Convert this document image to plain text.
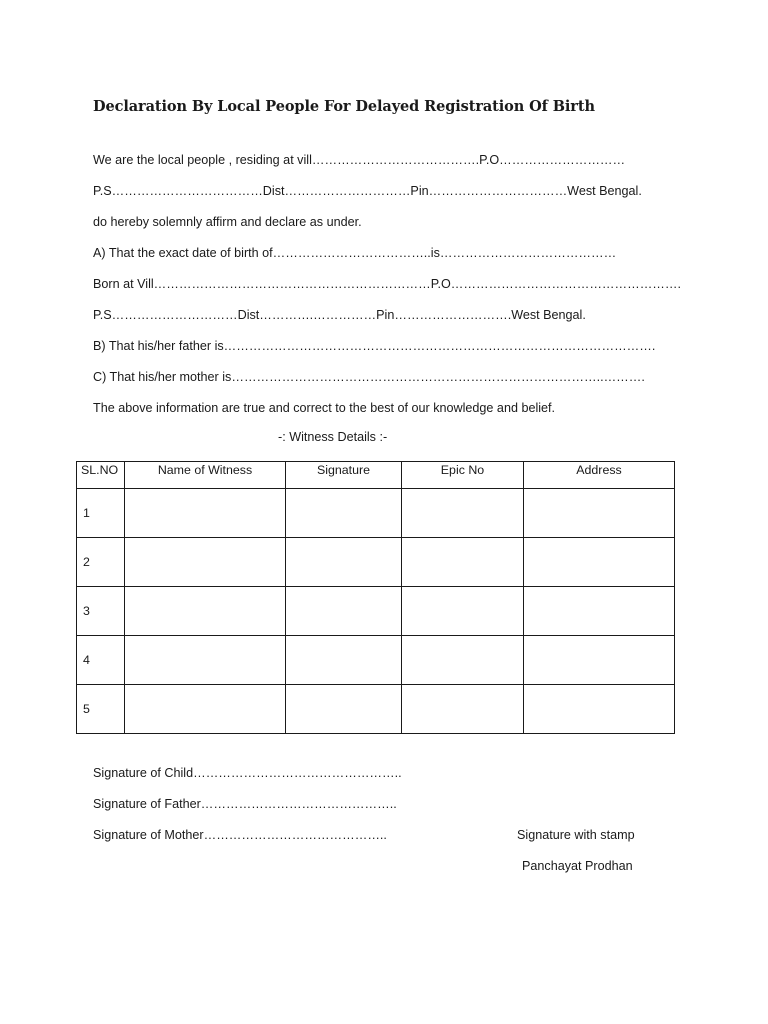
Declaration By Local People For Delayed Registration Of Birth
We are the local people , residing at vill………………………………….P.O…………………………
P.S………………………………Dist…………………………Pin……………………………West Bengal.
do hereby solemnly affirm and declare as under.
A) That the exact date of birth of………………………………..is……………………………………
Born at Vill…………………………………………………………P.O……………………………………………….
P.S…………………………Dist………….……………Pin……………………….West Bengal.
B) That his/her father is………………………………………………………………………………………….
C) That his/her mother is……………………………………………………………………………..……….
The above information are true and correct to the best of our knowledge and belief.
-: Witness Details :-
SL.NO	Name of Witness	Signature	Epic No	Address
1				
2				
3				
4				
5				
Signature of Child…………………………………………..
Signature of Father………………………………………..
Signature of Mother……………………………………..	Signature with stamp
Panchayat Prodhan
